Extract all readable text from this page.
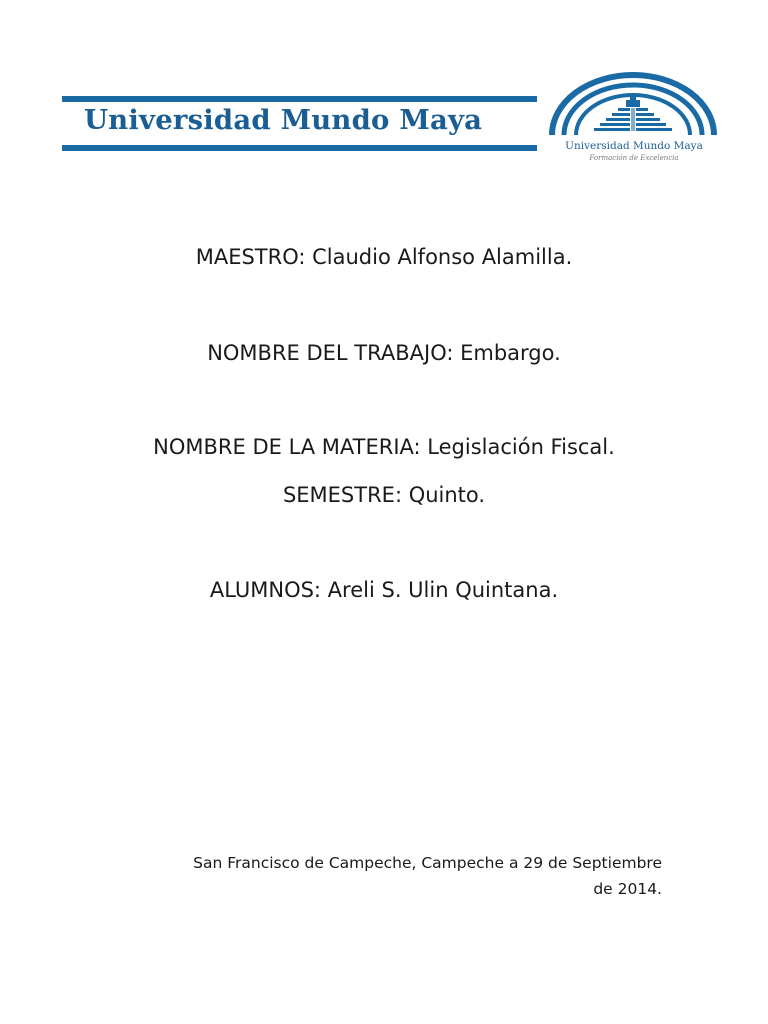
Universidad Mundo Maya
Universidad Mundo Maya
Formación de Excelencia
MAESTRO: Claudio Alfonso Alamilla.
NOMBRE DEL TRABAJO: Embargo.
NOMBRE DE LA MATERIA: Legislación Fiscal.
SEMESTRE: Quinto.
ALUMNOS: Areli S. Ulin Quintana.
San Francisco de Campeche, Campeche a 29 de Septiembre
de 2014.
